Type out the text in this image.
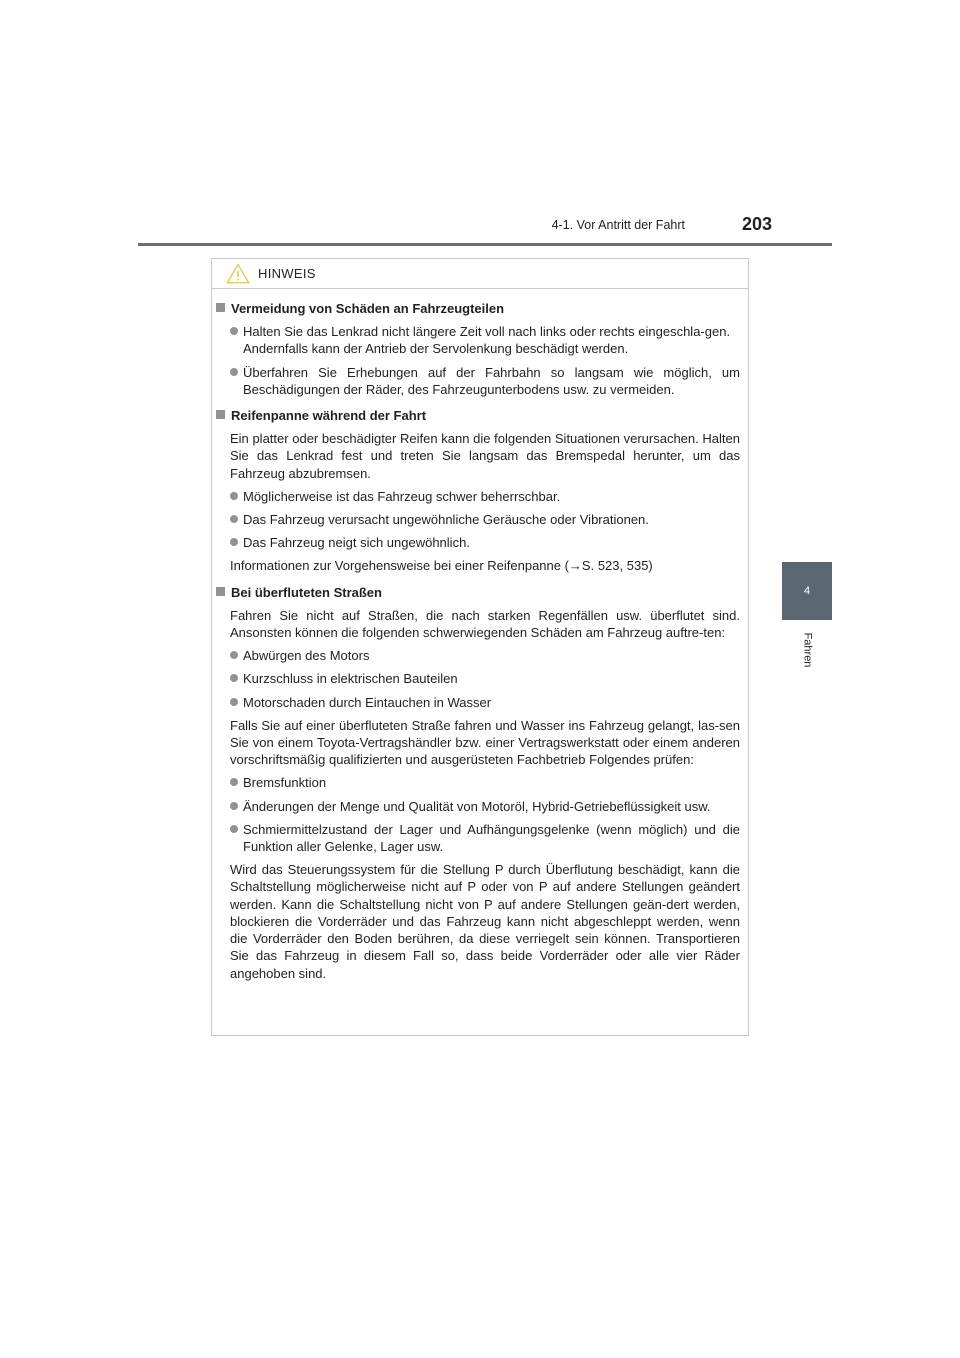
4-1. Vor Antritt der Fahrt	203
4
Fahren
HINWEIS
Vermeidung von Schäden an Fahrzeugteilen
Halten Sie das Lenkrad nicht längere Zeit voll nach links oder rechts eingeschla-gen.
Andernfalls kann der Antrieb der Servolenkung beschädigt werden.
Überfahren Sie Erhebungen auf der Fahrbahn so langsam wie möglich, um Beschädigungen der Räder, des Fahrzeugunterbodens usw. zu vermeiden.
Reifenpanne während der Fahrt
Ein platter oder beschädigter Reifen kann die folgenden Situationen verursachen. Halten Sie das Lenkrad fest und treten Sie langsam das Bremspedal herunter, um das Fahrzeug abzubremsen.
Möglicherweise ist das Fahrzeug schwer beherrschbar.
Das Fahrzeug verursacht ungewöhnliche Geräusche oder Vibrationen.
Das Fahrzeug neigt sich ungewöhnlich.
Informationen zur Vorgehensweise bei einer Reifenpanne (→S. 523, 535)
Bei überfluteten Straßen
Fahren Sie nicht auf Straßen, die nach starken Regenfällen usw. überflutet sind. Ansonsten können die folgenden schwerwiegenden Schäden am Fahrzeug auftre-ten:
Abwürgen des Motors
Kurzschluss in elektrischen Bauteilen
Motorschaden durch Eintauchen in Wasser
Falls Sie auf einer überfluteten Straße fahren und Wasser ins Fahrzeug gelangt, las-sen Sie von einem Toyota-Vertragshändler bzw. einer Vertragswerkstatt oder einem anderen vorschriftsmäßig qualifizierten und ausgerüsteten Fachbetrieb Folgendes prüfen:
Bremsfunktion
Änderungen der Menge und Qualität von Motoröl, Hybrid-Getriebeflüssigkeit usw.
Schmiermittelzustand der Lager und Aufhängungsgelenke (wenn möglich) und die Funktion aller Gelenke, Lager usw.
Wird das Steuerungssystem für die Stellung P durch Überflutung beschädigt, kann die Schaltstellung möglicherweise nicht auf P oder von P auf andere Stellungen geändert werden. Kann die Schaltstellung nicht von P auf andere Stellungen geän-dert werden, blockieren die Vorderräder und das Fahrzeug kann nicht abgeschleppt werden, wenn die Vorderräder den Boden berühren, da diese verriegelt sein können. Transportieren Sie das Fahrzeug in diesem Fall so, dass beide Vorderräder oder alle vier Räder angehoben sind.
